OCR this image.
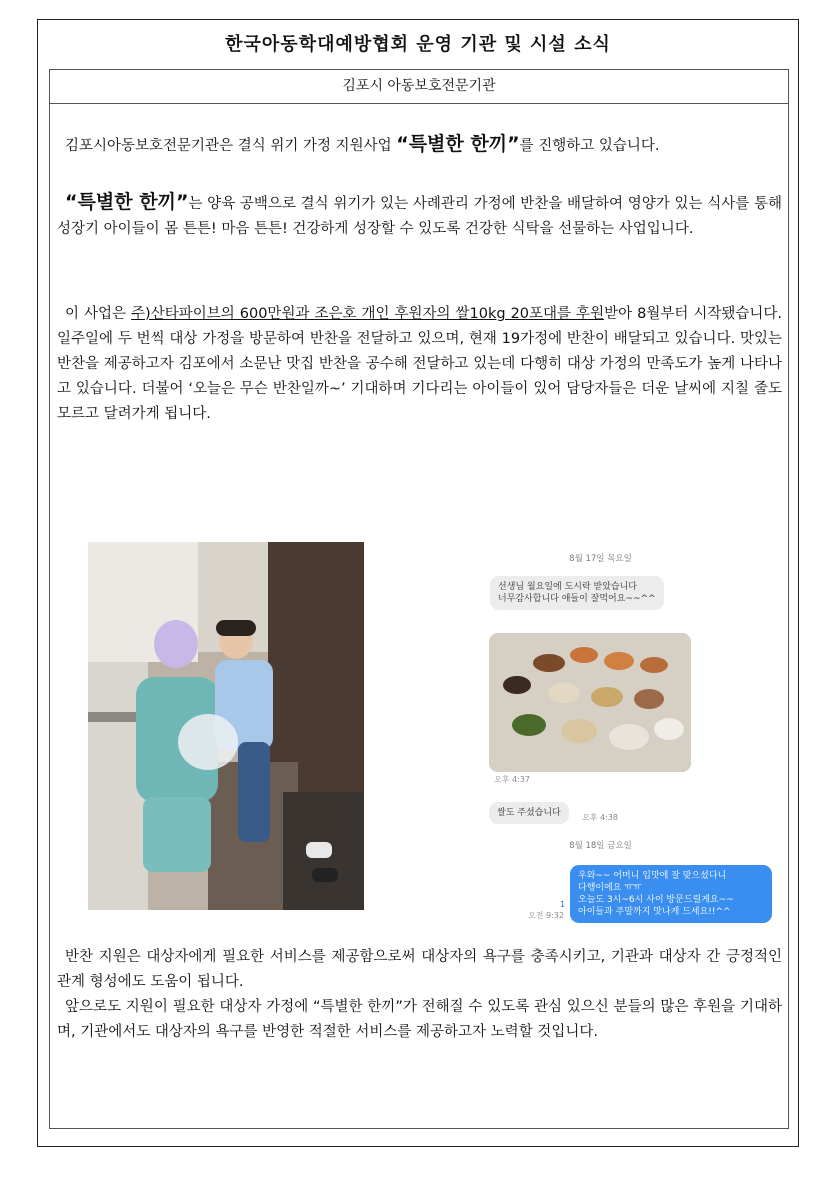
한국아동학대예방협회 운영 기관 및 시설 소식
김포시 아동보호전문기관

김포시아동보호전문기관은 결식 위기 가정 지원사업 “특별한 한끼”를 진행하고 있습니다.

“특별한 한끼”는 양육 공백으로 결식 위기가 있는 사례관리 가정에 반찬을 배달하여 영양가 있는 식사를 통해 성장기 아이들이 몸 튼튼! 마음 튼튼! 건강하게 성장할 수 있도록 건강한 식탁을 선물하는 사업입니다.

이 사업은 주)산타파이브의 600만원과 조은호 개인 후원자의 쌀10kg 20포대를 후원받아 8월부터 시작됐습니다. 일주일에 두 번씩 대상 가정을 방문하여 반찬을 전달하고 있으며, 현재 19가정에 반찬이 배달되고 있습니다. 맛있는 반찬을 제공하고자 김포에서 소문난 맛집 반찬을 공수해 전달하고 있는데 다행히 대상 가정의 만족도가 높게 나타나고 있습니다. 더불어 ‘오늘은 무슨 반찬일까~’ 기대하며 기다리는 아이들이 있어 담당자들은 더운 날씨에 지칠 줄도 모르고 달려가게 됩니다.

8월 17일 목요일
선생님 월요일에 도시락 받았습니다
너무감사합니다 애들이 잘먹어요~~^^
오후 4:37
쌀도 주셨습니다	오후 4:38
8월 18일 금요일
우와~~ 어머니 입맛에 잘 맞으셨다니
다행이에요 ㅠㅠ
오늘도 3시~6시 사이 방문드릴게요~~
아이들과 주말까지 맛나게 드세요!!^^
1
오전 9:32

반찬 지원은 대상자에게 필요한 서비스를 제공함으로써 대상자의 욕구를 충족시키고, 기관과 대상자 간 긍정적인 관계 형성에도 도움이 됩니다.

앞으로도 지원이 필요한 대상자 가정에 “특별한 한끼”가 전해질 수 있도록 관심 있으신 분들의 많은 후원을 기대하며, 기관에서도 대상자의 욕구를 반영한 적절한 서비스를 제공하고자 노력할 것입니다.
